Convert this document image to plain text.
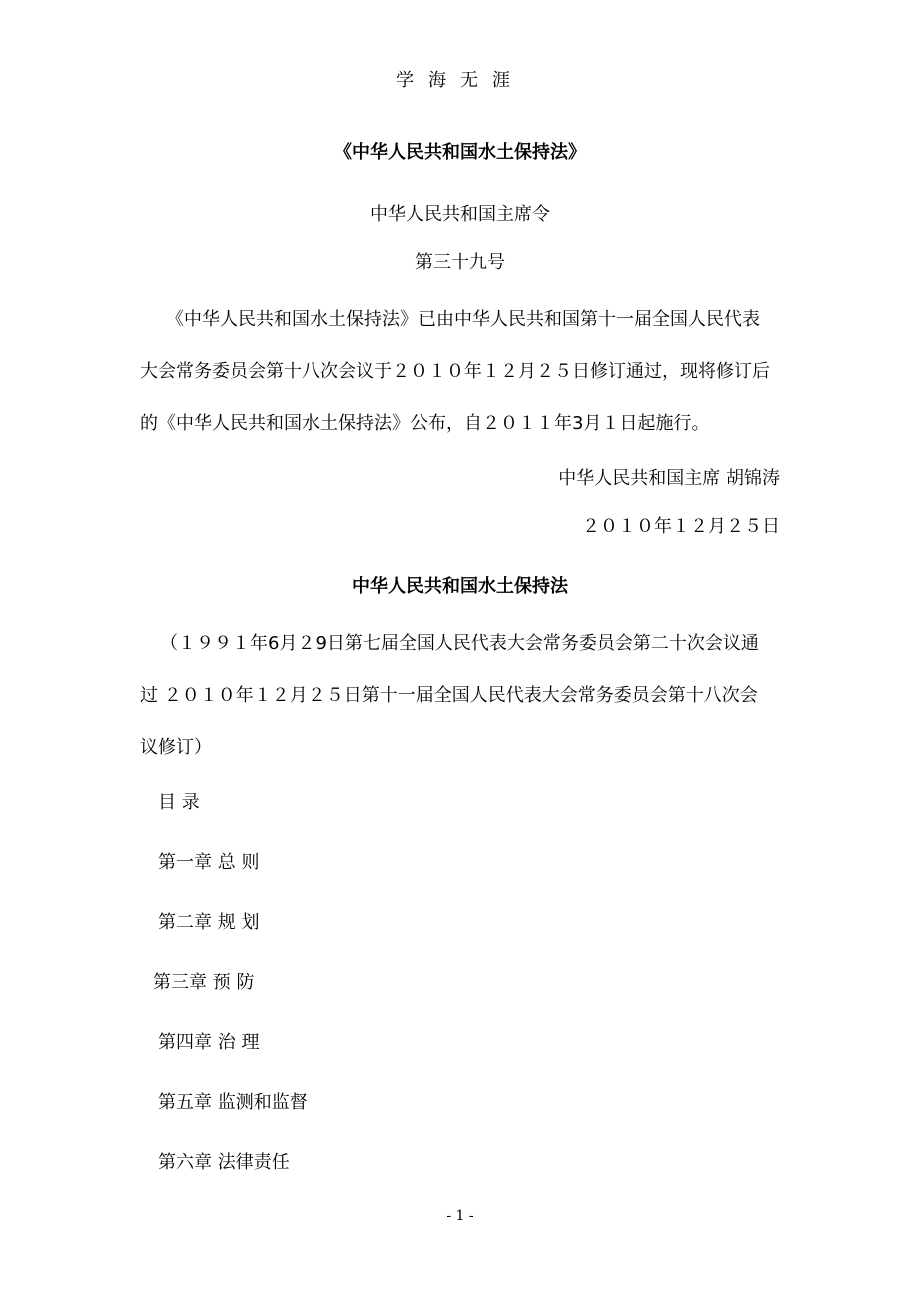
学海无涯
《中华人民共和国水土保持法》
中华人民共和国主席令
第三十九号
《中华人民共和国水土保持法》已由中华人民共和国第十一届全国人民代表
大会常务委员会第十八次会议于２０１０年１２月２５日修订通过，现将修订后
的《中华人民共和国水土保持法》公布，自２０１１年3月１日起施行。
中华人民共和国主席 胡锦涛
２０１０年１２月２５日
中华人民共和国水土保持法
（１９９１年6月２9日第七届全国人民代表大会常务委员会第二十次会议通
过 ２０１０年１２月２５日第十一届全国人民代表大会常务委员会第十八次会
议修订）
目 录
第一章 总 则
第二章 规 划
第三章 预 防
第四章 治 理
第五章 监测和监督
第六章 法律责任
- 1 -
